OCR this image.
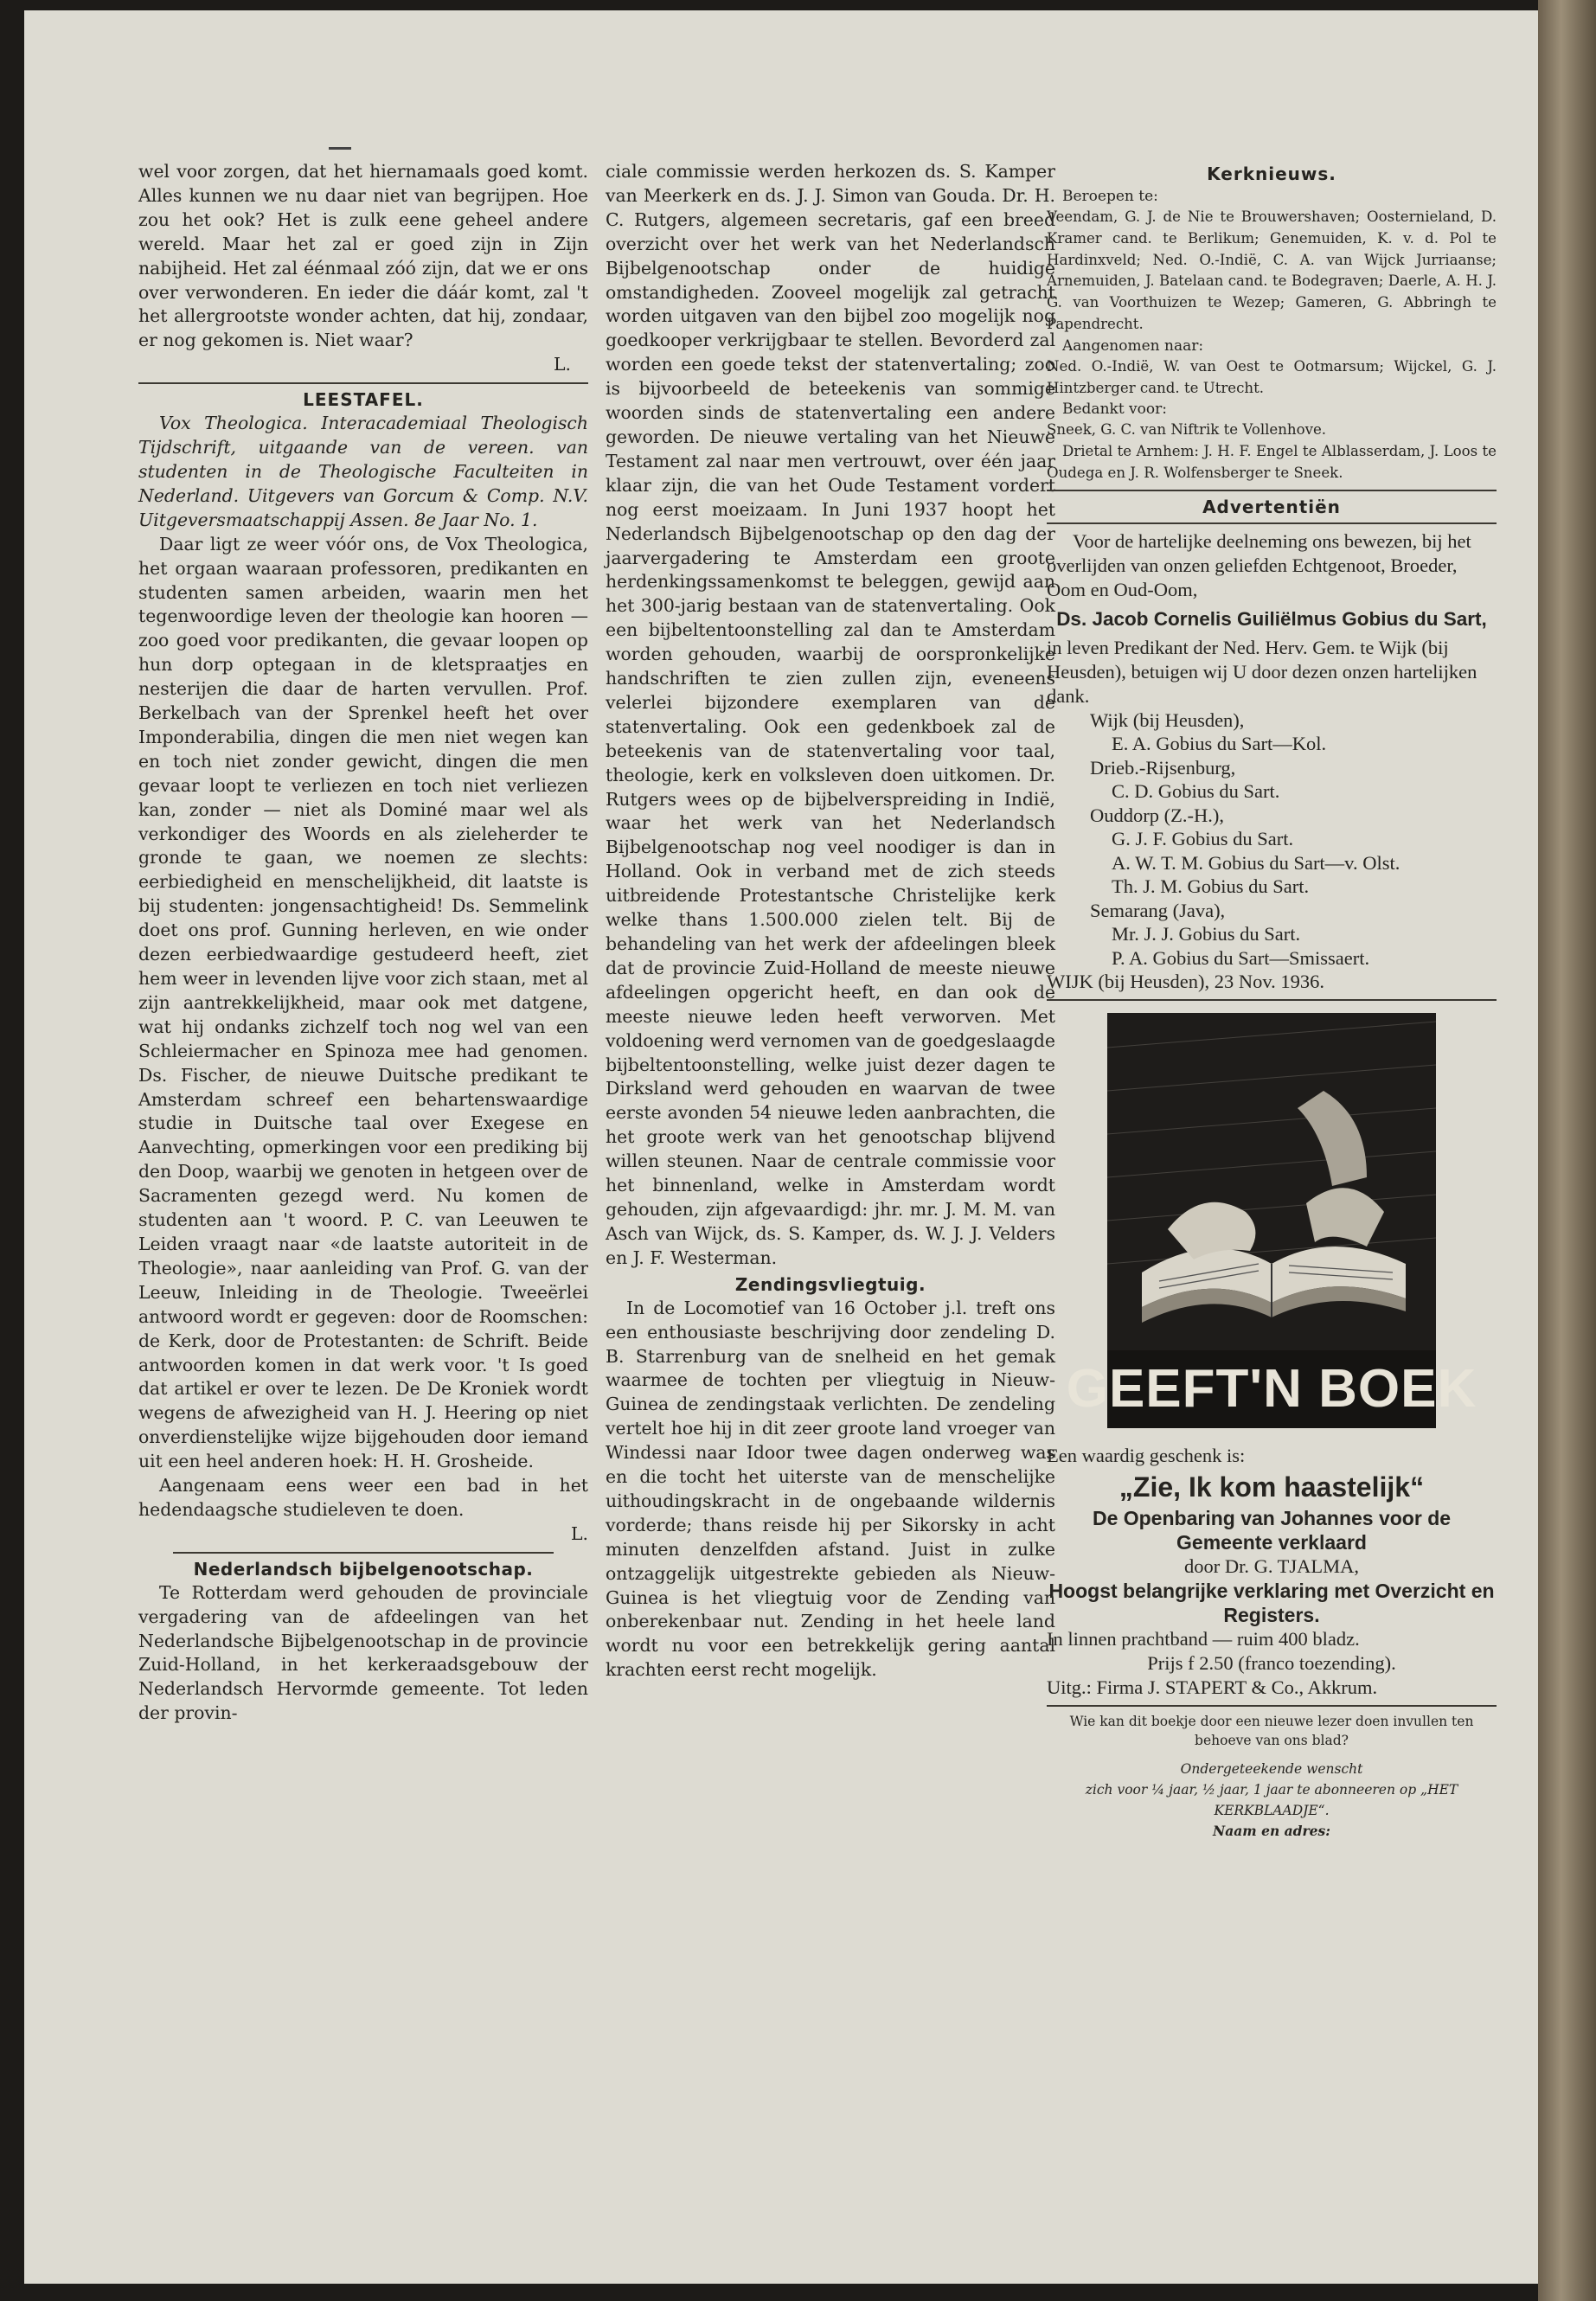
wel voor zorgen, dat het hiernamaals goed komt. Alles kunnen we nu daar niet van begrijpen. Hoe zou het ook? Het is zulk eene geheel andere wereld. Maar het zal er goed zijn in Zijn nabijheid. Het zal éénmaal zóó zijn, dat we er ons over verwonderen. En ieder die dáár komt, zal 't het allergrootste wonder achten, dat hij, zondaar, er nog gekomen is. Niet waar?

L.

LEESTAFEL.

Vox Theologica. Interacademiaal Theologisch Tijdschrift, uitgaande van de vereen. van studenten in de Theologische Faculteiten in Nederland. Uitgevers van Gorcum & Comp. N.V. Uitgeversmaatschappij Assen. 8e Jaar No. 1.

Daar ligt ze weer vóór ons, de Vox Theologica, het orgaan waaraan professoren, predikanten en studenten samen arbeiden, waarin men het tegenwoordige leven der theologie kan hooren — zoo goed voor predikanten, die gevaar loopen op hun dorp optegaan in de kletspraatjes en nesterijen die daar de harten vervullen. Prof. Berkelbach van der Sprenkel heeft het over Imponderabilia, dingen die men niet wegen kan en toch niet zonder gewicht, dingen die men gevaar loopt te verliezen en toch niet verliezen kan, zonder — niet als Dominé maar wel als verkondiger des Woords en als zieleherder te gronde te gaan, we noemen ze slechts: eerbiedigheid en menschelijkheid, dit laatste is bij studenten: jongensachtigheid! Ds. Semmelink doet ons prof. Gunning herleven, en wie onder dezen eerbiedwaardige gestudeerd heeft, ziet hem weer in levenden lijve voor zich staan, met al zijn aantrekkelijkheid, maar ook met datgene, wat hij ondanks zichzelf toch nog wel van een Schleiermacher en Spinoza mee had genomen. Ds. Fischer, de nieuwe Duitsche predikant te Amsterdam schreef een behartenswaardige studie in Duitsche taal over Exegese en Aanvechting, opmerkingen voor een prediking bij den Doop, waarbij we genoten in hetgeen over de Sacramenten gezegd werd. Nu komen de studenten aan 't woord. P. C. van Leeuwen te Leiden vraagt naar «de laatste autoriteit in de Theologie», naar aanleiding van Prof. G. van der Leeuw, Inleiding in de Theologie. Tweeërlei antwoord wordt er gegeven: door de Roomschen: de Kerk, door de Protestanten: de Schrift. Beide antwoorden komen in dat werk voor. 't Is goed dat artikel er over te lezen. De De Kroniek wordt wegens de afwezigheid van H. J. Heering op niet onverdienstelijke wijze bijgehouden door iemand uit een heel anderen hoek: H. H. Grosheide.

Aangenaam eens weer een bad in het hedendaagsche studieleven te doen.

L.

Nederlandsch bijbelgenootschap.

Te Rotterdam werd gehouden de provinciale vergadering van de afdeelingen van het Nederlandsche Bijbelgenootschap in de provincie Zuid-Holland, in het kerkeraadsgebouw der Nederlandsch Hervormde gemeente. Tot leden der provin-

ciale commissie werden herkozen ds. S. Kamper van Meerkerk en ds. J. J. Simon van Gouda. Dr. H. C. Rutgers, algemeen secretaris, gaf een breed overzicht over het werk van het Nederlandsch Bijbelgenootschap onder de huidige omstandigheden. Zooveel mogelijk zal getracht worden uitgaven van den bijbel zoo mogelijk nog goedkooper verkrijgbaar te stellen. Bevorderd zal worden een goede tekst der statenvertaling; zoo is bijvoorbeeld de beteekenis van sommige woorden sinds de statenvertaling een andere geworden. De nieuwe vertaling van het Nieuwe Testament zal naar men vertrouwt, over één jaar klaar zijn, die van het Oude Testament vordert nog eerst moeizaam. In Juni 1937 hoopt het Nederlandsch Bijbelgenootschap op den dag der jaarvergadering te Amsterdam een groote herdenkingssamenkomst te beleggen, gewijd aan het 300-jarig bestaan van de statenvertaling. Ook een bijbeltentoonstelling zal dan te Amsterdam worden gehouden, waarbij de oorspronkelijke handschriften te zien zullen zijn, eveneens velerlei bijzondere exemplaren van de statenvertaling. Ook een gedenkboek zal de beteekenis van de statenvertaling voor taal, theologie, kerk en volksleven doen uitkomen. Dr. Rutgers wees op de bijbelverspreiding in Indië, waar het werk van het Nederlandsch Bijbelgenootschap nog veel noodiger is dan in Holland. Ook in verband met de zich steeds uitbreidende Protestantsche Christelijke kerk welke thans 1.500.000 zielen telt. Bij de behandeling van het werk der afdeelingen bleek dat de provincie Zuid-Holland de meeste nieuwe afdeelingen opgericht heeft, en dan ook de meeste nieuwe leden heeft verworven. Met voldoening werd vernomen van de goedgeslaagde bijbeltentoonstelling, welke juist dezer dagen te Dirksland werd gehouden en waarvan de twee eerste avonden 54 nieuwe leden aanbrachten, die het groote werk van het genootschap blijvend willen steunen. Naar de centrale commissie voor het binnenland, welke in Amsterdam wordt gehouden, zijn afgevaardigd: jhr. mr. J. M. M. van Asch van Wijck, ds. S. Kamper, ds. W. J. J. Velders en J. F. Westerman.

Zendingsvliegtuig.

In de Locomotief van 16 October j.l. treft ons een enthousiaste beschrijving door zendeling D. B. Starrenburg van de snelheid en het gemak waarmee de tochten per vliegtuig in Nieuw-Guinea de zendingstaak verlichten. De zendeling vertelt hoe hij in dit zeer groote land vroeger van Windessi naar Idoor twee dagen onderweg was en die tocht het uiterste van de menschelijke uithoudingskracht in de ongebaande wildernis vorderde; thans reisde hij per Sikorsky in acht minuten denzelfden afstand. Juist in zulke ontzaggelijk uitgestrekte gebieden als Nieuw-Guinea is het vliegtuig voor de Zending van onberekenbaar nut. Zending in het heele land wordt nu voor een betrekkelijk gering aantal krachten eerst recht mogelijk.

Kerknieuws.

Beroepen te:

Veendam, G. J. de Nie te Brouwershaven; Oosternieland, D. Kramer cand. te Berlikum; Genemuiden, K. v. d. Pol te Hardinxveld; Ned. O.-Indië, C. A. van Wijck Jurriaanse; Arnemuiden, J. Batelaan cand. te Bodegraven; Daerle, A. H. J. G. van Voorthuizen te Wezep; Gameren, G. Abbringh te Papendrecht.

Aangenomen naar:

Ned. O.-Indië, W. van Oest te Ootmarsum; Wijckel, G. J. Hintzberger cand. te Utrecht.

Bedankt voor:

Sneek, G. C. van Niftrik te Vollenhove.

Drietal te Arnhem: J. H. F. Engel te Alblasserdam, J. Loos te Oudega en J. R. Wolfensberger te Sneek.

Advertentiën

Voor de hartelijke deelneming ons bewezen, bij het overlijden van onzen geliefden Echtgenoot, Broeder, Oom en Oud-Oom,

Ds. Jacob Cornelis Guiliëlmus Gobius du Sart,

in leven Predikant der Ned. Herv. Gem. te Wijk (bij Heusden), betuigen wij U door dezen onzen hartelijken dank.

Wijk (bij Heusden),

E. A. Gobius du Sart—Kol.

Drieb.-Rijsenburg,

C. D. Gobius du Sart.

Ouddorp (Z.-H.),

G. J. F. Gobius du Sart.

A. W. T. M. Gobius du Sart—v. Olst.

Th. J. M. Gobius du Sart.

Semarang (Java),

Mr. J. J. Gobius du Sart.

P. A. Gobius du Sart—Smissaert.

WIJK (bij Heusden), 23 Nov. 1936.

GEEFT'N BOEK

Een waardig geschenk is:

„Zie, Ik kom haastelijk“

De Openbaring van Johannes voor de Gemeente verklaard

door Dr. G. TJALMA,

Hoogst belangrijke verklaring met Overzicht en Registers.

In linnen prachtband — ruim 400 bladz.

Prijs f 2.50 (franco toezending).

Uitg.: Firma J. STAPERT & Co., Akkrum.

Wie kan dit boekje door een nieuwe lezer doen invullen ten behoeve van ons blad?

Ondergeteekende wenscht

zich voor ¼ jaar, ½ jaar, 1 jaar te abonneeren op „HET KERKBLAADJE“.

Naam en adres:
